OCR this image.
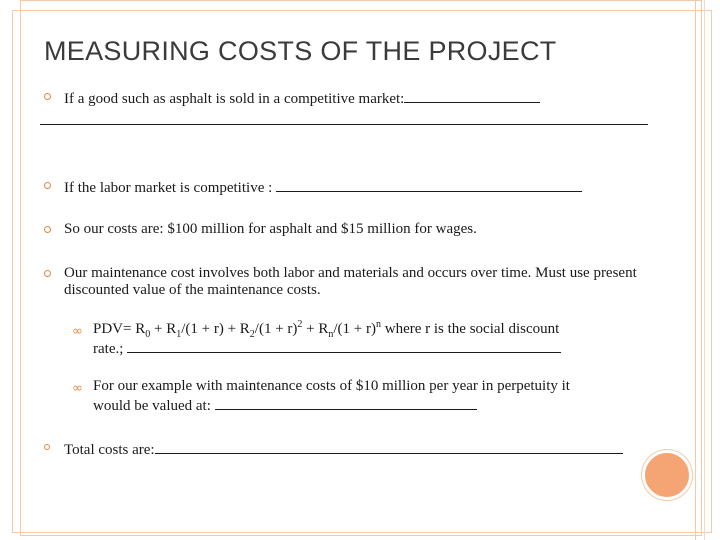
MEASURING COSTS OF THE PROJECT
If a good such as asphalt is sold in a competitive market:
If the labor market is competitive :
So our costs are: $100 million for asphalt and $15 million for wages.
Our maintenance cost involves both labor and materials and occurs over time. Must use present discounted value of the maintenance costs.
∞ $PDV= R_0 + R_1/(1 + r) + R_2/(1 + r)^2 + R_n/(1 + r)^n$ where r is the social discount
rate.;
∞ For our example with maintenance costs of $10 million per year in perpetuity it
would be valued at:
Total costs are:
